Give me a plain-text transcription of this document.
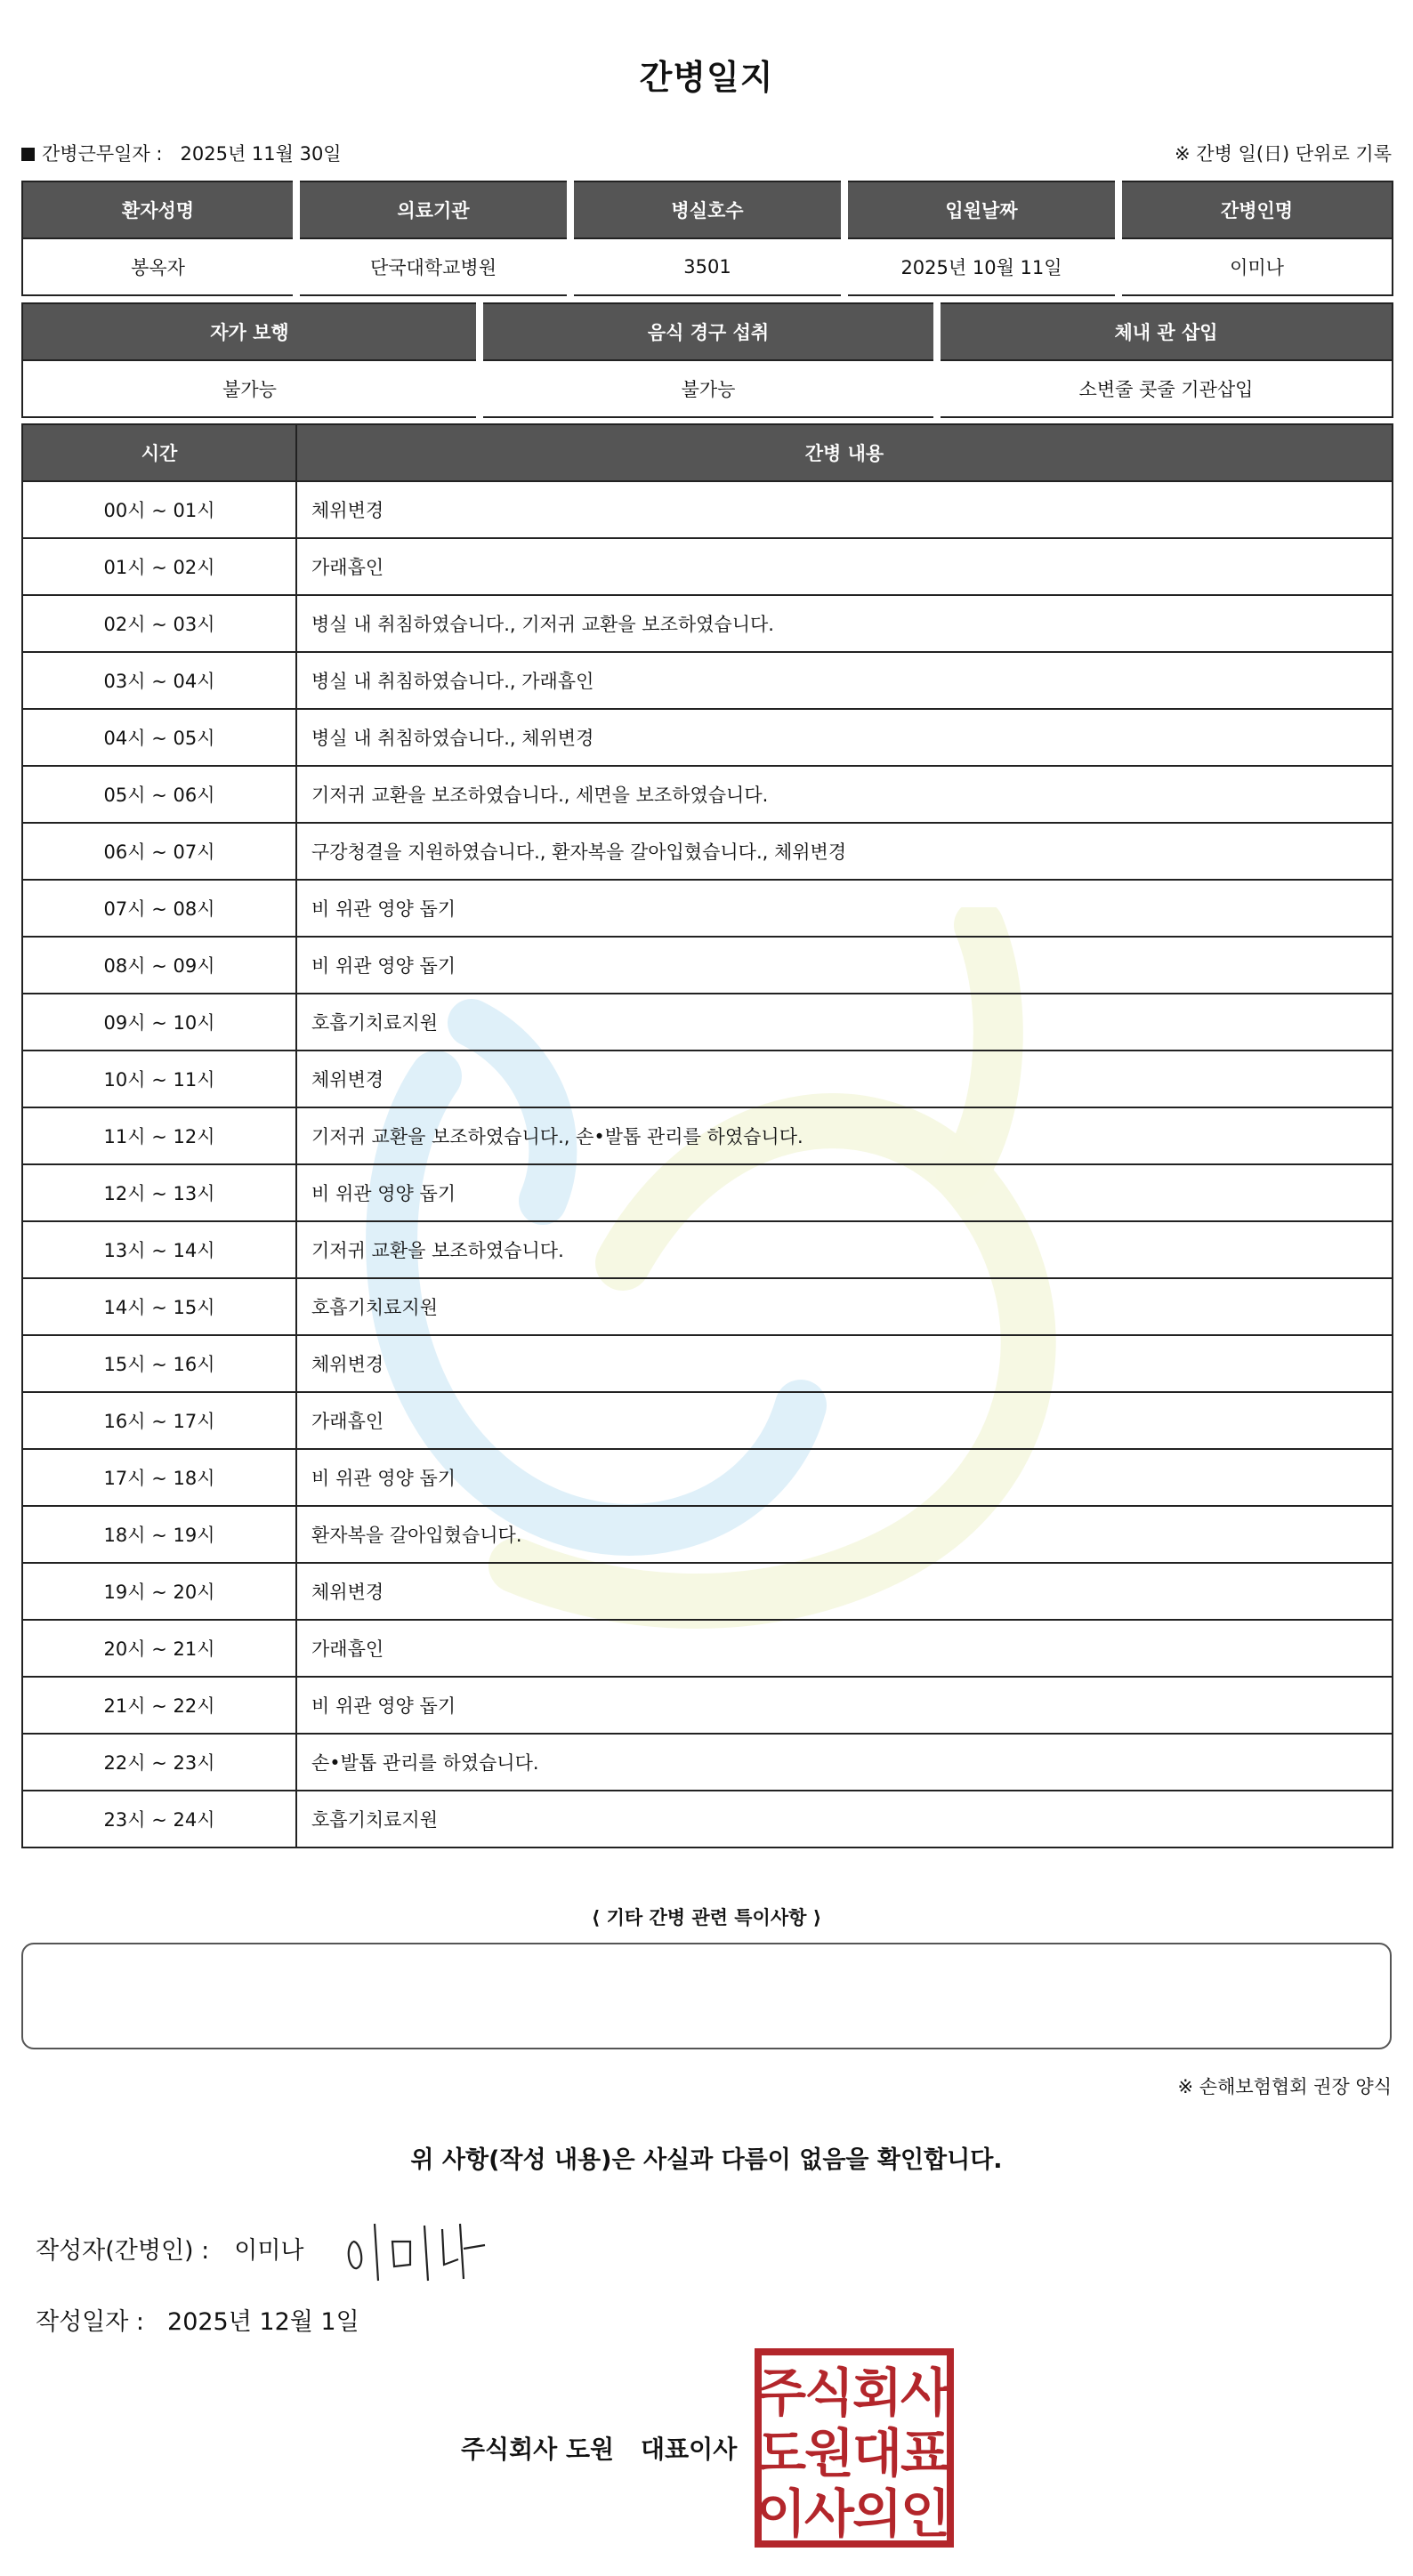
간병일지
간병근무일자 : 2025년 11월 30일	※ 간병 일(日) 단위로 기록
환자성명	의료기관	병실호수	입원날짜	간병인명
봉옥자	단국대학교병원	3501	2025년 10월 11일	이미나
자가 보행	음식 경구 섭취	체내 관 삽입
불가능	불가능	소변줄 콧줄 기관삽입
시간	간병 내용
00시 ~ 01시	체위변경
01시 ~ 02시	가래흡인
02시 ~ 03시	병실 내 취침하였습니다., 기저귀 교환을 보조하였습니다.
03시 ~ 04시	병실 내 취침하였습니다., 가래흡인
04시 ~ 05시	병실 내 취침하였습니다., 체위변경
05시 ~ 06시	기저귀 교환을 보조하였습니다., 세면을 보조하였습니다.
06시 ~ 07시	구강청결을 지원하였습니다., 환자복을 갈아입혔습니다., 체위변경
07시 ~ 08시	비 위관 영양 돕기
08시 ~ 09시	비 위관 영양 돕기
09시 ~ 10시	호흡기치료지원
10시 ~ 11시	체위변경
11시 ~ 12시	기저귀 교환을 보조하였습니다., 손•발톱 관리를 하였습니다.
12시 ~ 13시	비 위관 영양 돕기
13시 ~ 14시	기저귀 교환을 보조하였습니다.
14시 ~ 15시	호흡기치료지원
15시 ~ 16시	체위변경
16시 ~ 17시	가래흡인
17시 ~ 18시	비 위관 영양 돕기
18시 ~ 19시	환자복을 갈아입혔습니다.
19시 ~ 20시	체위변경
20시 ~ 21시	가래흡인
21시 ~ 22시	비 위관 영양 돕기
22시 ~ 23시	손•발톱 관리를 하였습니다.
23시 ~ 24시	호흡기치료지원
⟨ 기타 간병 관련 특이사항 ⟩
※ 손해보험협회 권장 양식
위 사항(작성 내용)은 사실과 다름이 없음을 확인합니다.
작성자(간병인) : 이미나
작성일자 : 2025년 12월 1일
주식회사 도원 대표이사
주
식
회
사
도
원
대
표
이
사
의
인
